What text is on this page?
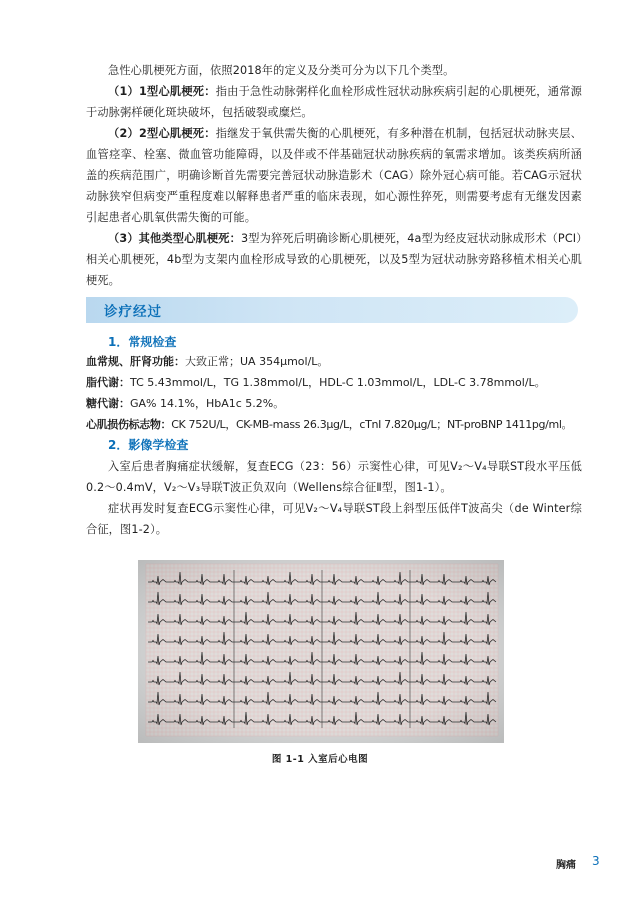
急性心肌梗死方面，依照2018年的定义及分类可分为以下几个类型。

（1）1型心肌梗死：指由于急性动脉粥样化血栓形成性冠状动脉疾病引起的心肌梗死，通常源于动脉粥样硬化斑块破坏，包括破裂或糜烂。

（2）2型心肌梗死：指继发于氧供需失衡的心肌梗死，有多种潜在机制，包括冠状动脉夹层、血管痉挛、栓塞、微血管功能障碍，以及伴或不伴基础冠状动脉疾病的氧需求增加。该类疾病所涵盖的疾病范围广，明确诊断首先需要完善冠状动脉造影术（CAG）除外冠心病可能。若CAG示冠状动脉狭窄但病变严重程度难以解释患者严重的临床表现，如心源性猝死，则需要考虑有无继发因素引起患者心肌氧供需失衡的可能。

（3）其他类型心肌梗死：3型为猝死后明确诊断心肌梗死，4a型为经皮冠状动脉成形术（PCI）相关心肌梗死，4b型为支架内血栓形成导致的心肌梗死，以及5型为冠状动脉旁路移植术相关心肌梗死。

诊疗经过
1．常规检查
血常规、肝肾功能：大致正常；UA 354μmol/L。
脂代谢：TC 5.43mmol/L，TG 1.38mmol/L，HDL-C 1.03mmol/L，LDL-C 3.78mmol/L。
糖代谢：GA% 14.1%，HbA1c 5.2%。
心肌损伤标志物：CK 752U/L，CK-MB-mass 26.3μg/L，cTnI 7.820μg/L；NT-proBNP 1411pg/ml。
2．影像学检查

入室后患者胸痛症状缓解，复查ECG（23：56）示窦性心律，可见V₂～V₄导联ST段水平压低0.2～0.4mV，V₂～V₃导联T波正负双向（Wellens综合征Ⅱ型，图1-1）。

症状再发时复查ECG示窦性心律，可见V₂～V₄导联ST段上斜型压低伴T波高尖（de Winter综合征，图1-2）。

图 1-1 入室后心电图
胸痛 3
